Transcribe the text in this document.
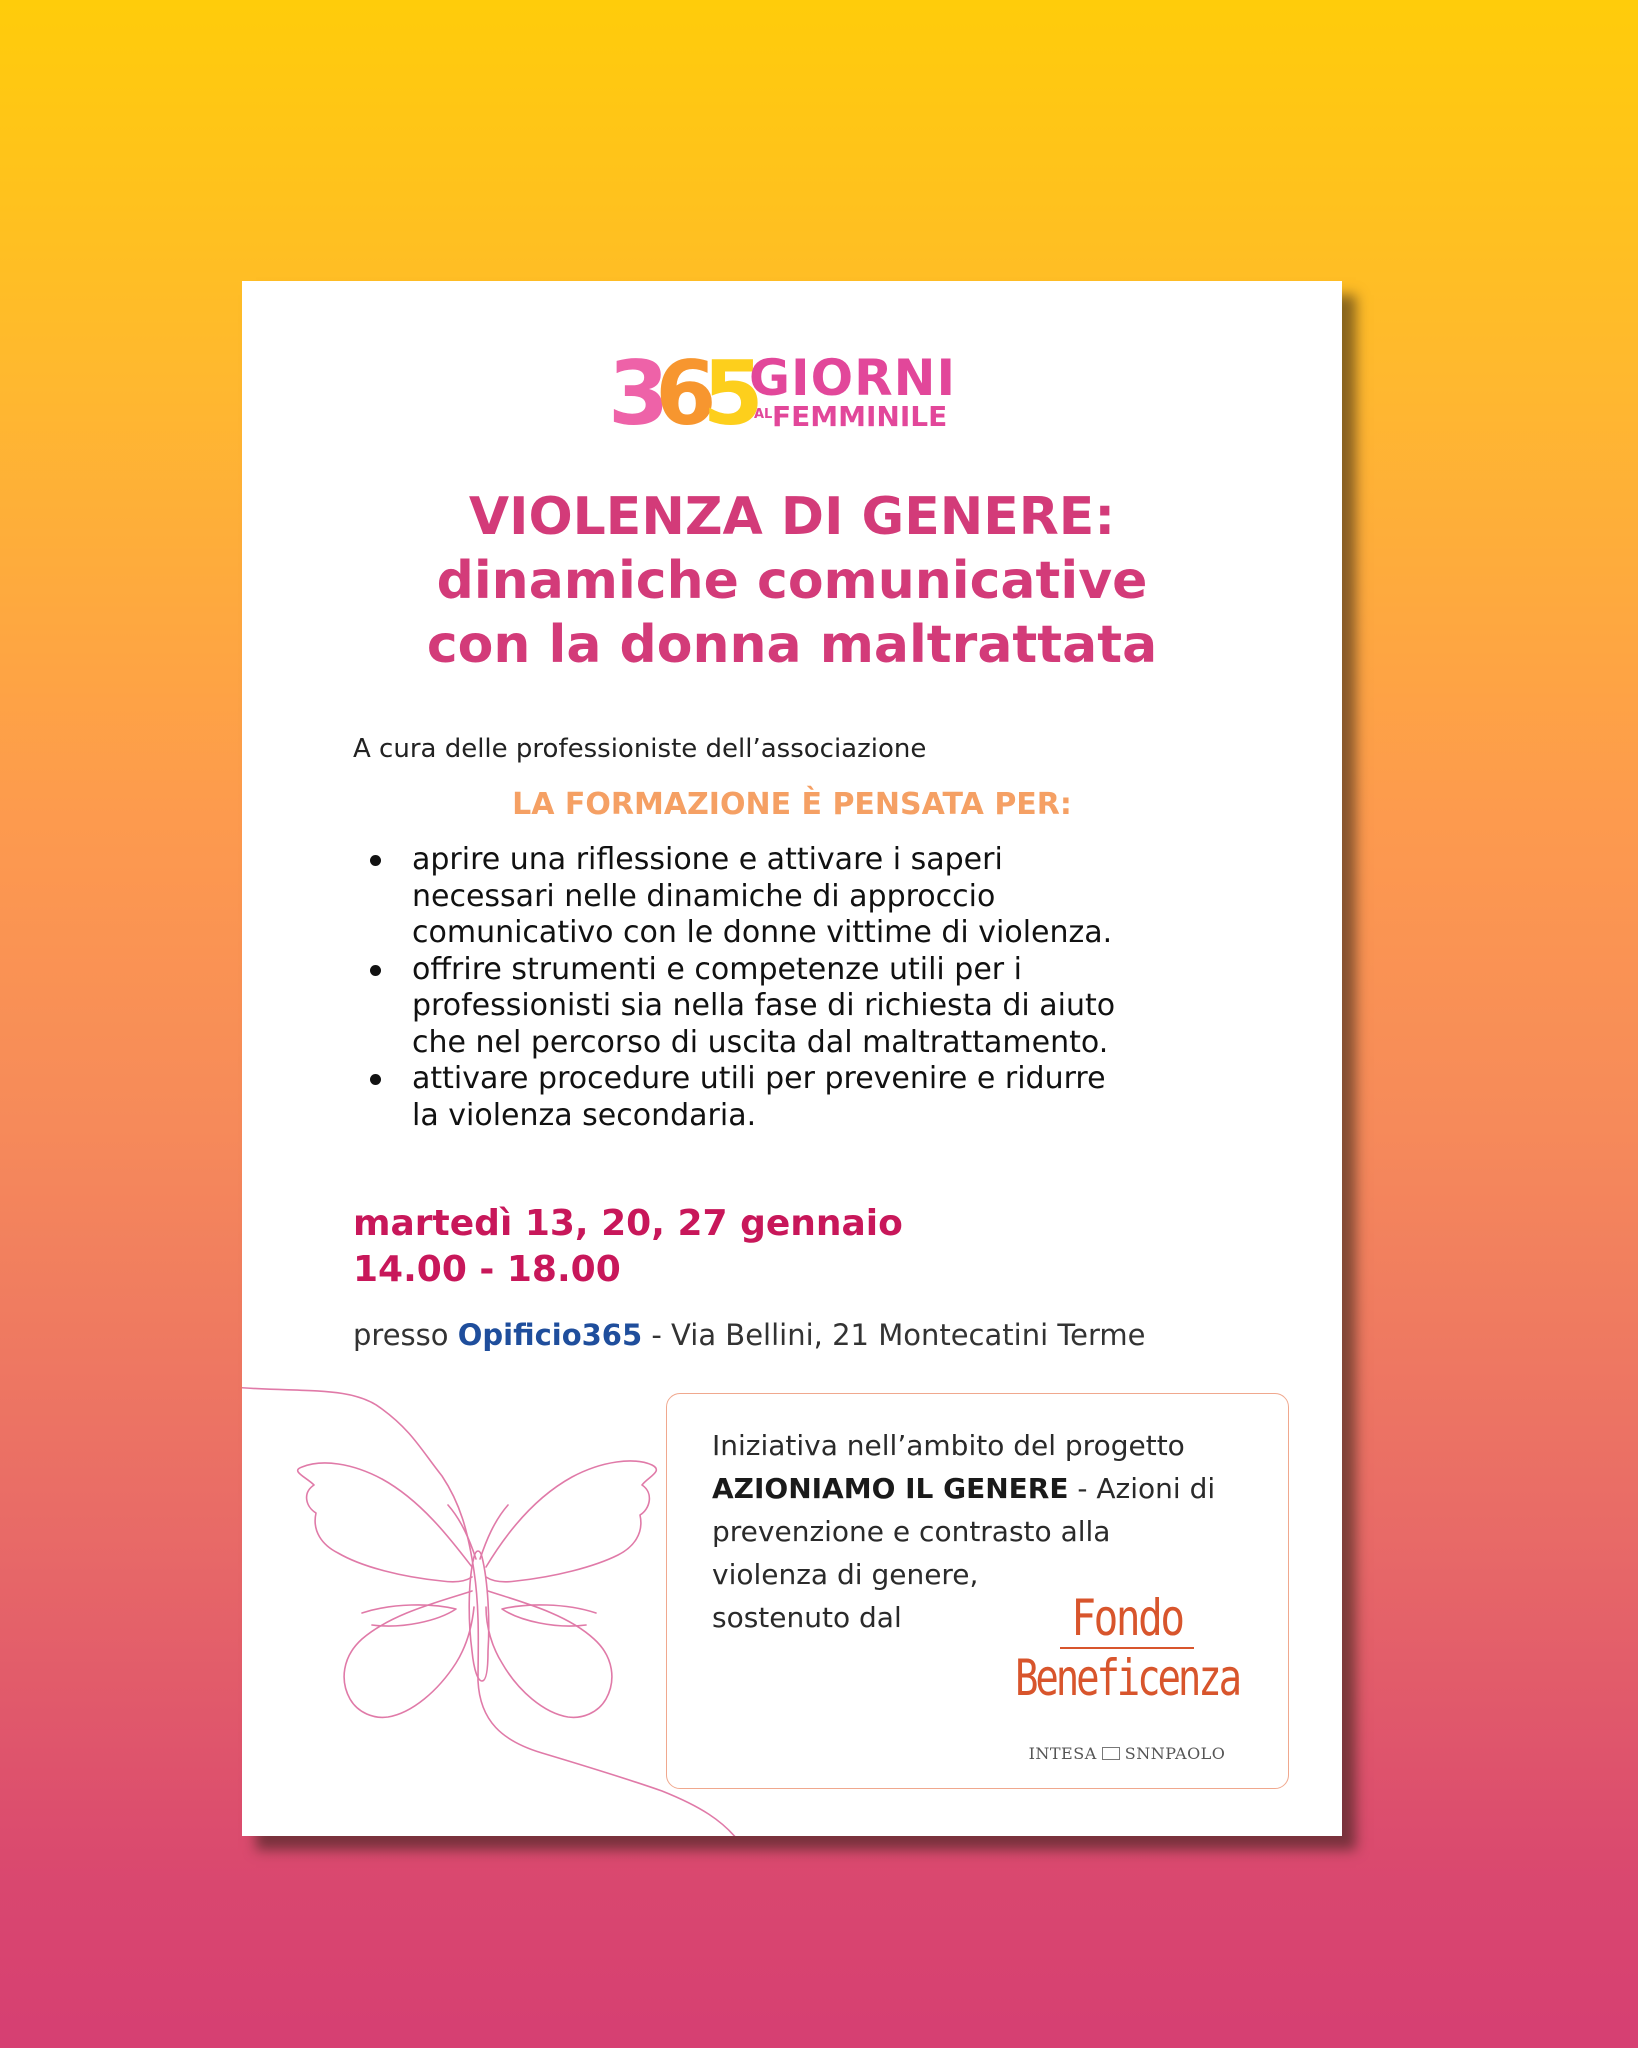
365 GIORNI
AL FEMMINILE
VIOLENZA DI GENERE:
dinamiche comunicative
con la donna maltrattata
A cura delle professioniste dell’associazione
LA FORMAZIONE È PENSATA PER:
aprire una riflessione e attivare i saperi
necessari nelle dinamiche di approccio
comunicativo con le donne vittime di violenza.
offrire strumenti e competenze utili per i
professionisti sia nella fase di richiesta di aiuto
che nel percorso di uscita dal maltrattamento.
attivare procedure utili per prevenire e ridurre
la violenza secondaria.
martedì 13, 20, 27 gennaio
14.00 - 18.00
presso Opificio365 - Via Bellini, 21 Montecatini Terme
Iniziativa nell’ambito del progetto
AZIONIAMO IL GENERE - Azioni di
prevenzione e contrasto alla
violenza di genere,
sostenuto dal	Fondo
Beneficenza
INTESA SNNPAOLO
